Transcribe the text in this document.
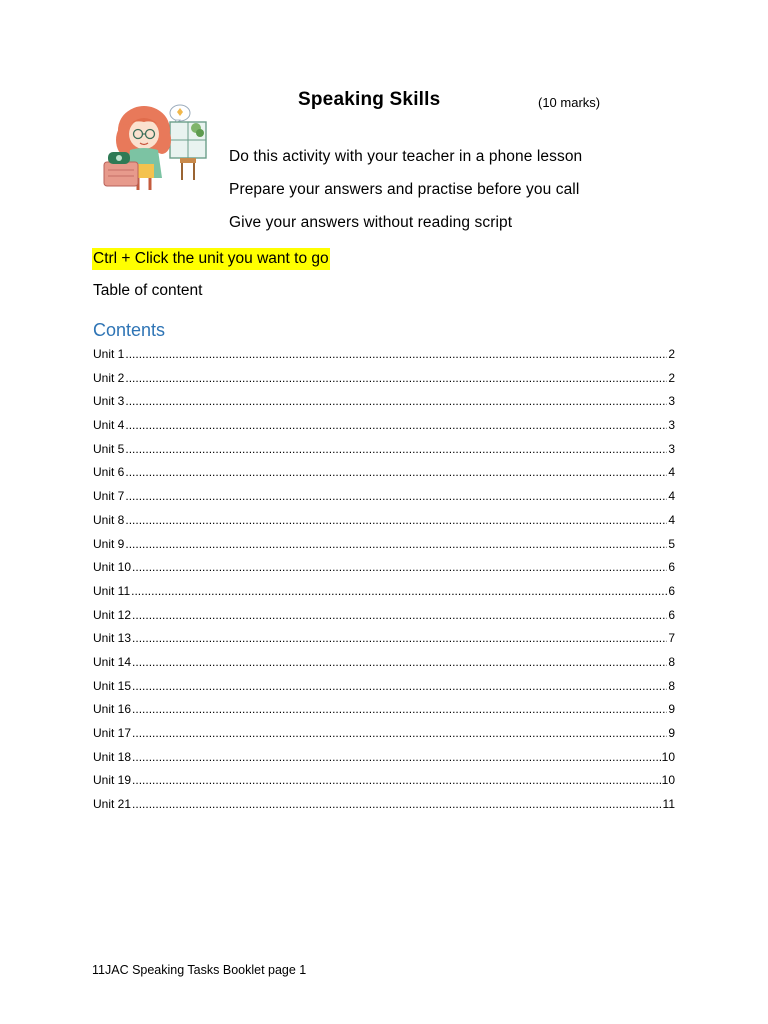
Speaking Skills	(10 marks)
Do this activity with your teacher in a phone lesson
Prepare your answers and practise before you call
Give your answers without reading script
Ctrl + Click the unit you want to go
Table of content
Contents
Unit 1 .....	2
Unit 2 .....	2
Unit 3 .....	3
Unit 4 .....	3
Unit 5 .....	3
Unit 6 .....	4
Unit 7 .....	4
Unit 8 .....	4
Unit 9 .....	5
Unit 10 .....	6
Unit 11 .....	6
Unit 12 .....	6
Unit 13 .....	7
Unit 14 .....	8
Unit 15 .....	8
Unit 16 .....	9
Unit 17 .....	9
Unit 18 .....	10
Unit 19 .....	10
Unit 21 .....	11
11JAC Speaking Tasks Booklet page 1
